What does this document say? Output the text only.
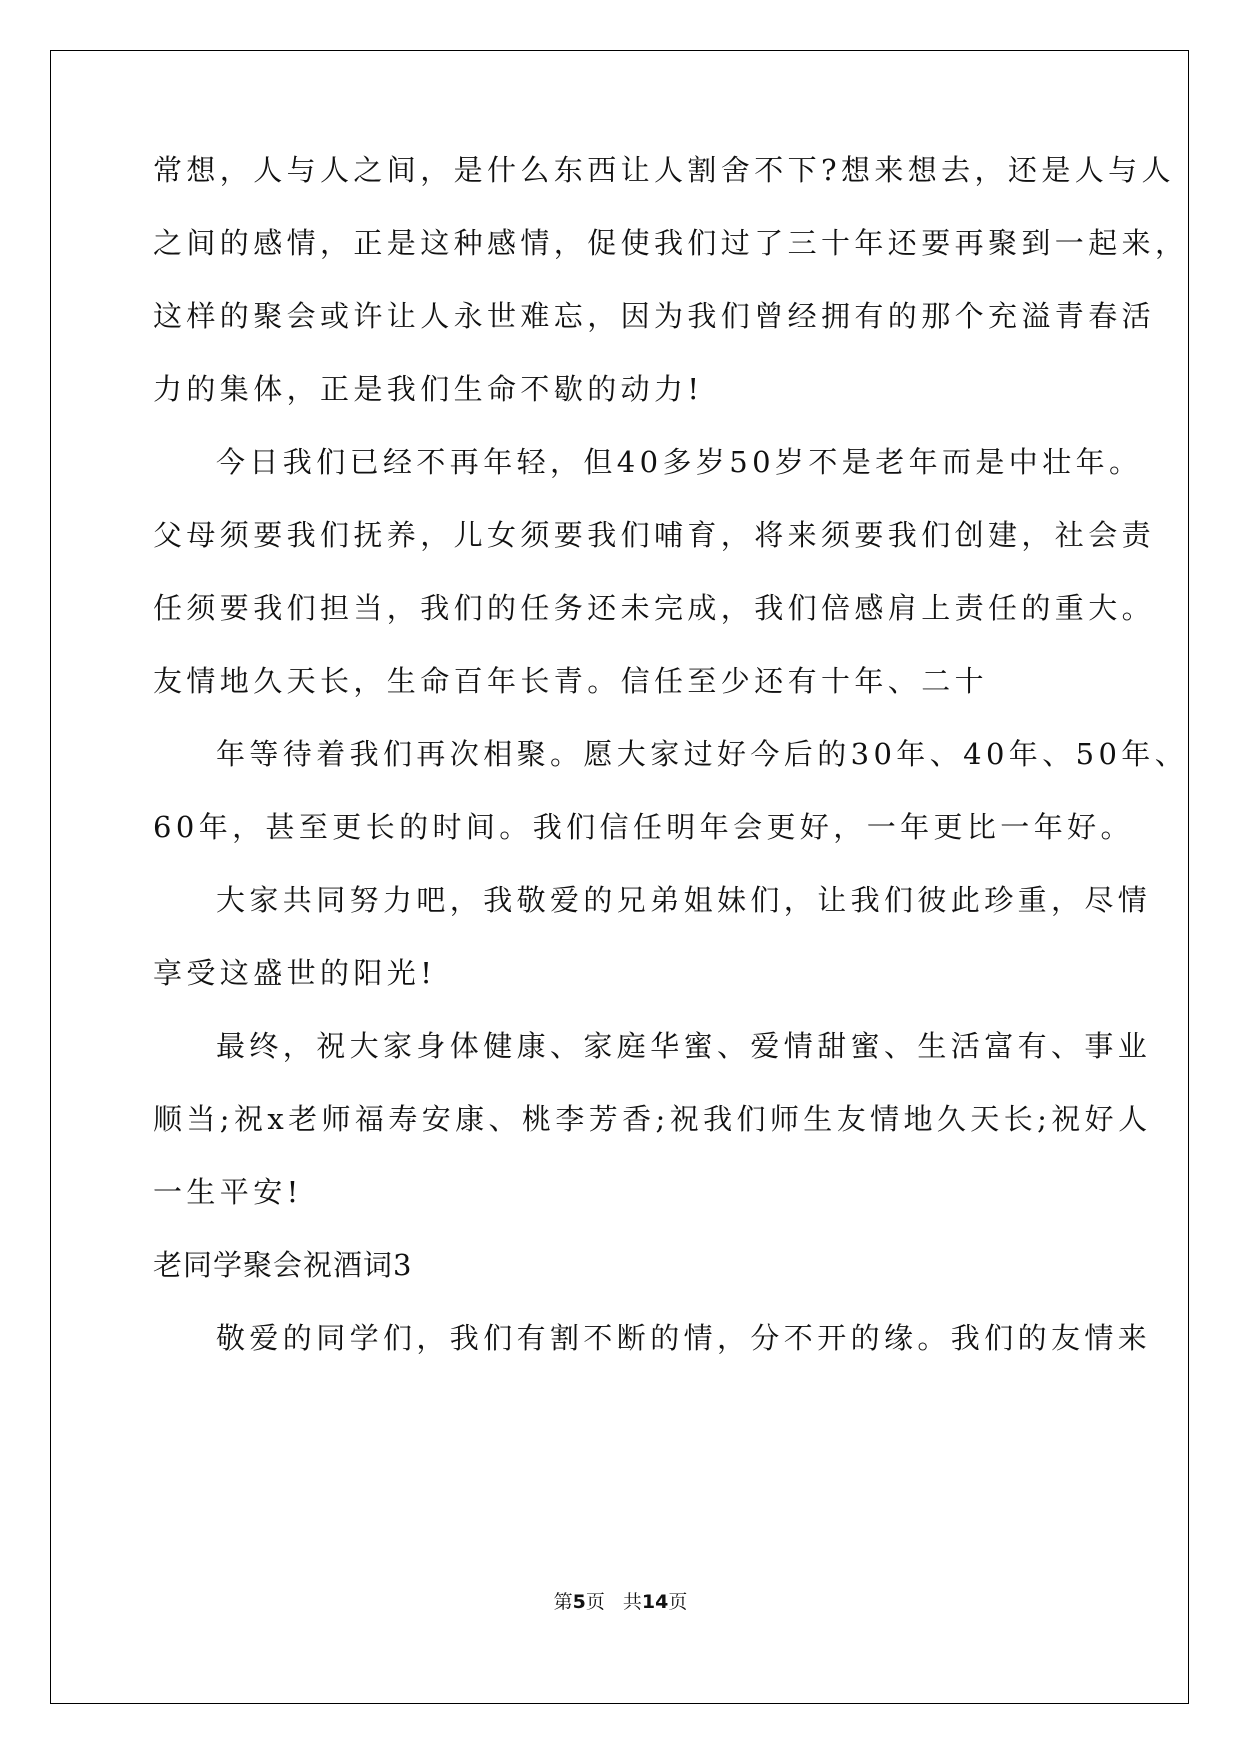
常想，人与人之间，是什么东西让人割舍不下?想来想去，还是人与人

之间的感情，正是这种感情，促使我们过了三十年还要再聚到一起来，

这样的聚会或许让人永世难忘，因为我们曾经拥有的那个充溢青春活

力的集体，正是我们生命不歇的动力!

今日我们已经不再年轻，但40多岁50岁不是老年而是中壮年。

父母须要我们抚养，儿女须要我们哺育，将来须要我们创建，社会责

任须要我们担当，我们的任务还未完成，我们倍感肩上责任的重大。

友情地久天长，生命百年长青。信任至少还有十年、二十

年等待着我们再次相聚。愿大家过好今后的30年、40年、50年、

60年，甚至更长的时间。我们信任明年会更好，一年更比一年好。

大家共同努力吧，我敬爱的兄弟姐妹们，让我们彼此珍重，尽情

享受这盛世的阳光!

最终，祝大家身体健康、家庭华蜜、爱情甜蜜、生活富有、事业

顺当;祝x老师福寿安康、桃李芳香;祝我们师生友情地久天长;祝好人

一生平安!

老同学聚会祝酒词3

敬爱的同学们，我们有割不断的情，分不开的缘。我们的友情来

第5页 共14页
